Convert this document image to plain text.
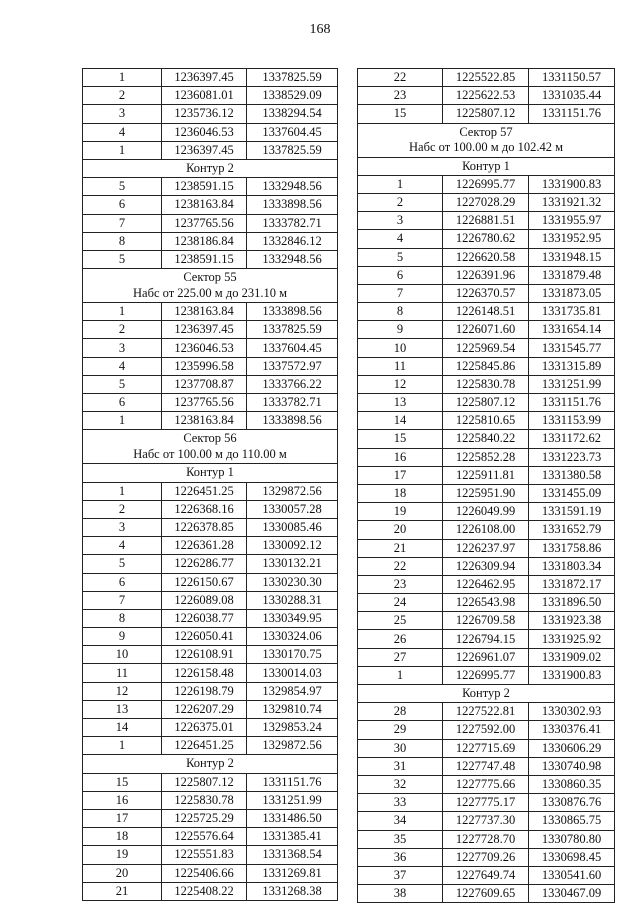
168
1	1236397.45	1337825.59
2	1236081.01	1338529.09
3	1235736.12	1338294.54
4	1236046.53	1337604.45
1	1236397.45	1337825.59
Контур 2		
5	1238591.15	1332948.56
6	1238163.84	1333898.56
7	1237765.56	1333782.71
8	1238186.84	1332846.12
5	1238591.15	1332948.56

Сектор 55
Набс от 225.00 м до 231.10 м		

1	1238163.84	1333898.56
2	1236397.45	1337825.59
3	1236046.53	1337604.45
4	1235996.58	1337572.97
5	1237708.87	1333766.22
6	1237765.56	1333782.71
1	1238163.84	1333898.56

Сектор 56
Набс от 100.00 м до 110.00 м		

Контур 1		
1	1226451.25	1329872.56
2	1226368.16	1330057.28
3	1226378.85	1330085.46
4	1226361.28	1330092.12
5	1226286.77	1330132.21
6	1226150.67	1330230.30
7	1226089.08	1330288.31
8	1226038.77	1330349.95
9	1226050.41	1330324.06
10	1226108.91	1330170.75
11	1226158.48	1330014.03
12	1226198.79	1329854.97
13	1226207.29	1329810.74
14	1226375.01	1329853.24
1	1226451.25	1329872.56
Контур 2		
15	1225807.12	1331151.76
16	1225830.78	1331251.99
17	1225725.29	1331486.50
18	1225576.64	1331385.41
19	1225551.83	1331368.54
20	1225406.66	1331269.81
21	1225408.22	1331268.38
22	1225522.85	1331150.57
23	1225622.53	1331035.44
15	1225807.12	1331151.76

Сектор 57
Набс от 100.00 м до 102.42 м		

Контур 1		
1	1226995.77	1331900.83
2	1227028.29	1331921.32
3	1226881.51	1331955.97
4	1226780.62	1331952.95
5	1226620.58	1331948.15
6	1226391.96	1331879.48
7	1226370.57	1331873.05
8	1226148.51	1331735.81
9	1226071.60	1331654.14
10	1225969.54	1331545.77
11	1225845.86	1331315.89
12	1225830.78	1331251.99
13	1225807.12	1331151.76
14	1225810.65	1331153.99
15	1225840.22	1331172.62
16	1225852.28	1331223.73
17	1225911.81	1331380.58
18	1225951.90	1331455.09
19	1226049.99	1331591.19
20	1226108.00	1331652.79
21	1226237.97	1331758.86
22	1226309.94	1331803.34
23	1226462.95	1331872.17
24	1226543.98	1331896.50
25	1226709.58	1331923.38
26	1226794.15	1331925.92
27	1226961.07	1331909.02
1	1226995.77	1331900.83
Контур 2		
28	1227522.81	1330302.93
29	1227592.00	1330376.41
30	1227715.69	1330606.29
31	1227747.48	1330740.98
32	1227775.66	1330860.35
33	1227775.17	1330876.76
34	1227737.30	1330865.75
35	1227728.70	1330780.80
36	1227709.26	1330698.45
37	1227649.74	1330541.60
38	1227609.65	1330467.09
